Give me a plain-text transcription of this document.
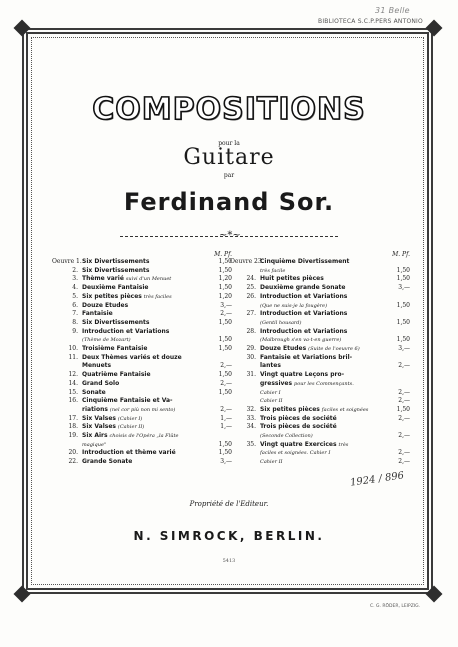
31 Belle
BIBLIOTECA S.C.P.PERS ANTONIO
COMPOSITIONS
pour la
Guitare
par
Ferdinand Sor.
~*~
M. Pf.
Oeuvre 1. Six Divertissements	1,50
2. Six Divertissements	1,50
3. Thème varié suivi d'un Menuet	1,20
4. Deuxième Fantaisie	1,50
5. Six petites pièces très faciles	1,20
6. Douze Etudes	3,—
7. Fantaisie	2,—
8. Six Divertissements	1,50
9. Introduction et Variations
(Thème de Mozart)	1,50
10. Troisième Fantaisie	1,50
11. Deux Thèmes variés et douze
Menuets	2,—
12. Quatrième Fantaisie	1,50
14. Grand Solo	2,—
15. Sonate	1,50
16. Cinquième Fantaisie et Va-
riations (nel cor più non mi sento)	2,—
17. Six Valses (Cahier I)	1,—
18. Six Valses (Cahier II)	1,—
19. Six Airs choisis de l'Opéra „la Flûte
magique"	1,50
20. Introduction et thème varié	1,50
22. Grande Sonate	3,—
M. Pf.
Oeuvre 23.
Cinquième Divertissement
très facile	1,50
24. Huit petites pièces	1,50
25. Deuxième grande Sonate	3,—
26. Introduction et Variations
(Que ne suis-je la fougère)	1,50
27. Introduction et Variations
(Gentil housard)	1,50
28. Introduction et Variations
(Malbrough s'en va-t-en guerre)	1,50
29. Douze Etudes (Suite de l'oeuvre 6)	3,—
30. Fantaisie et Variations bril-
lantes	2,—
31. Vingt quatre Leçons pro-
gressives pour les Commençants.
Cahier I	2,—
Cahier II	2,—
32. Six petites pièces faciles et soignées	1,50
33. Trois pièces de société	2,—
34. Trois pièces de société
(Seconde Collection)	2,—
35. Vingt quatre Exercices très
faciles et soignées. Cahier I	2,—
Cahier II	2,—
1924 / 896
Propriété de l'Editeur.
N. SIMROCK, BERLIN.
5413
C. G. RÖDER, LEIPZIG.
